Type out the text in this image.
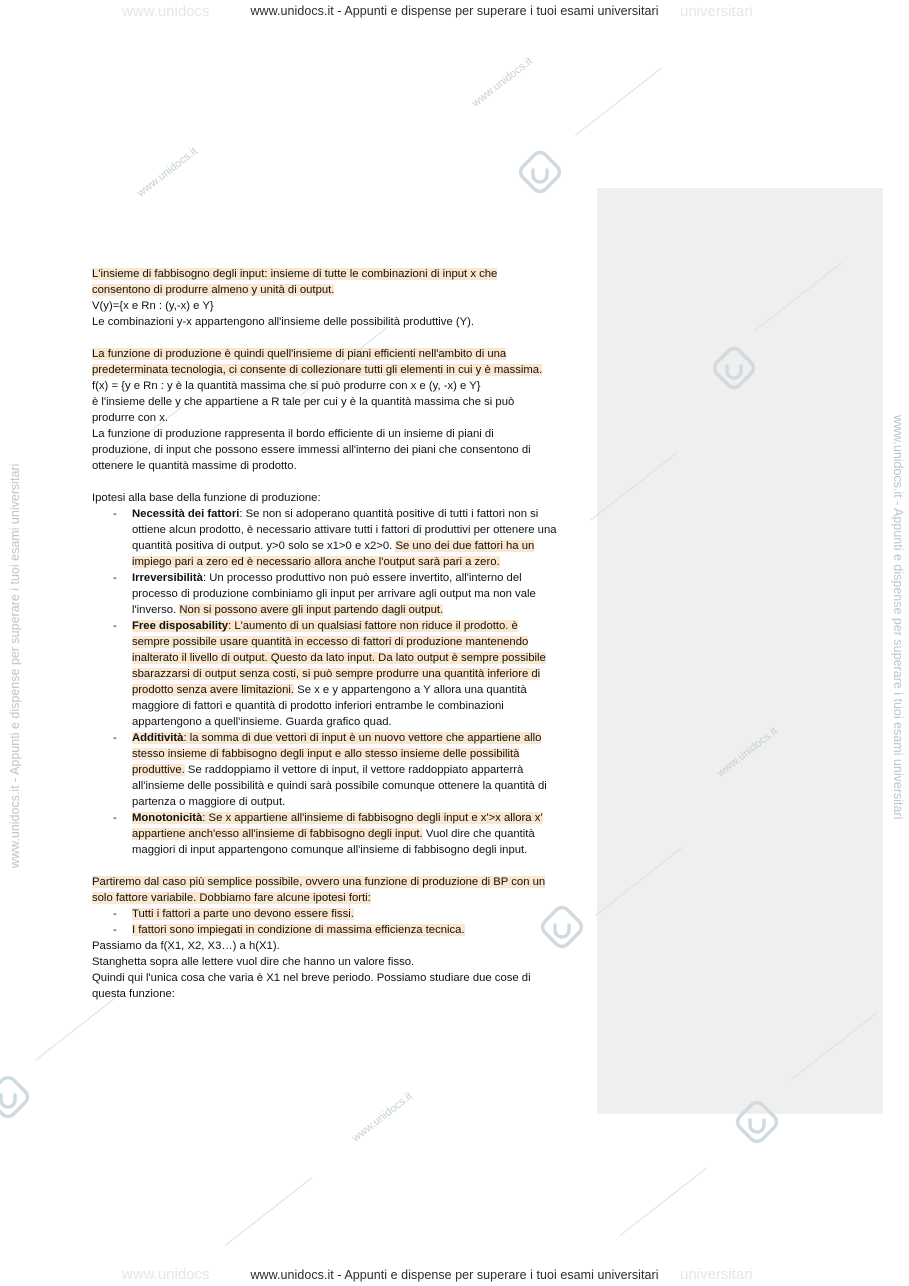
www.unidocs.it
www.unidocs.it
www.unidocs.it
www.unidocs.it
www.unidocs.it - Appunti e dispense per superare i tuoi esami universitari	www.unidocs.it - Appunti e dispense per superare i tuoi esami universitari
www.unidocs	universitari
www.unidocs	universitari
www.unidocs.it - Appunti e dispense per superare i tuoi esami universitari
www.unidocs.it - Appunti e dispense per superare i tuoi esami universitari

L'insieme di fabbisogno degli input: insieme di tutte le combinazioni di input x che

consentono di produrre almeno y unità di output.

V(y)={x e Rn : (y,-x) e Y}

Le combinazioni y-x appartengono all'insieme delle possibilità produttive (Y).

La funzione di produzione è quindi quell'insieme di piani efficienti nell'ambito di una

predeterminata tecnologia, ci consente di collezionare tutti gli elementi in cui y è massima.

f(x) = {y e Rn : y è la quantità massima che si può produrre con x e (y, -x) e Y}

è l'insieme delle y che appartiene a R tale per cui y è la quantità massima che si può

produrre con x.

La funzione di produzione rappresenta il bordo efficiente di un insieme di piani di

produzione, di input che possono essere immessi all'interno dei piani che consentono di

ottenere le quantità massime di prodotto.

Ipotesi alla base della funzione di produzione:

- Necessità dei fattori: Se non si adoperano quantità positive di tutti i fattori non si
ottiene alcun prodotto, è necessario attivare tutti i fattori di produttivi per ottenere una
quantità positiva di output. y>0 solo se x1>0 e x2>0. Se uno dei due fattori ha un
impiego pari a zero ed è necessario allora anche l'output sarà pari a zero.
- Irreversibilità: Un processo produttivo non può essere invertito, all'interno del
processo di produzione combiniamo gli input per arrivare agli output ma non vale
l'inverso. Non si possono avere gli input partendo dagli output.
- Free disposability: L'aumento di un qualsiasi fattore non riduce il prodotto. è
sempre possibile usare quantità in eccesso di fattori di produzione mantenendo
inalterato il livello di output. Questo da lato input. Da lato output è sempre possibile
sbarazzarsi di output senza costi, si può sempre produrre una quantità inferiore di
prodotto senza avere limitazioni. Se x e y appartengono a Y allora una quantità
maggiore di fattori e quantità di prodotto inferiori entrambe le combinazioni
appartengono a quell'insieme. Guarda grafico quad.
- Additività: la somma di due vettori di input è un nuovo vettore che appartiene allo
stesso insieme di fabbisogno degli input e allo stesso insieme delle possibilità
produttive. Se raddoppiamo il vettore di input, il vettore raddoppiato apparterrà
all'insieme delle possibilità e quindi sarà possibile comunque ottenere la quantità di
partenza o maggiore di output.
- Monotonicità: Se x appartiene all'insieme di fabbisogno degli input e x'>x allora x'
appartiene anch'esso all'insieme di fabbisogno degli input. Vuol dire che quantità
maggiori di input appartengono comunque all'insieme di fabbisogno degli input.

Partiremo dal caso più semplice possibile, ovvero una funzione di produzione di BP con un

solo fattore variabile. Dobbiamo fare alcune ipotesi forti:

- Tutti i fattori a parte uno devono essere fissi.
- I fattori sono impiegati in condizione di massima efficienza tecnica.

Passiamo da f(X1, X2, X3…) a h(X1).

Stanghetta sopra alle lettere vuol dire che hanno un valore fisso.

Quindi qui l'unica cosa che varia è X1 nel breve periodo. Possiamo studiare due cose di

questa funzione:
